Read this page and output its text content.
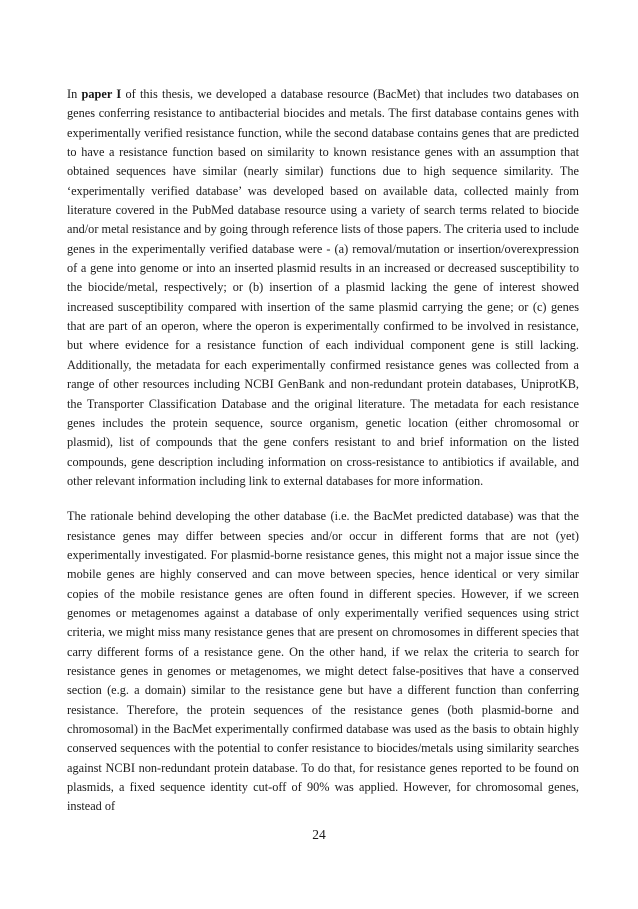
In paper I of this thesis, we developed a database resource (BacMet) that includes two databases on genes conferring resistance to antibacterial biocides and metals. The first database contains genes with experimentally verified resistance function, while the second database contains genes that are predicted to have a resistance function based on similarity to known resistance genes with an assumption that obtained sequences have similar (nearly similar) functions due to high sequence similarity. The ‘experimentally verified database’ was developed based on available data, collected mainly from literature covered in the PubMed database resource using a variety of search terms related to biocide and/or metal resistance and by going through reference lists of those papers. The criteria used to include genes in the experimentally verified database were - (a) removal/mutation or insertion/overexpression of a gene into genome or into an inserted plasmid results in an increased or decreased susceptibility to the biocide/metal, respectively; or (b) insertion of a plasmid lacking the gene of interest showed increased susceptibility compared with insertion of the same plasmid carrying the gene; or (c) genes that are part of an operon, where the operon is experimentally confirmed to be involved in resistance, but where evidence for a resistance function of each individual component gene is still lacking. Additionally, the metadata for each experimentally confirmed resistance genes was collected from a range of other resources including NCBI GenBank and non-redundant protein databases, UniprotKB, the Transporter Classification Database and the original literature. The metadata for each resistance genes includes the protein sequence, source organism, genetic location (either chromosomal or plasmid), list of compounds that the gene confers resistant to and brief information on the listed compounds, gene description including information on cross-resistance to antibiotics if available, and other relevant information including link to external databases for more information.

The rationale behind developing the other database (i.e. the BacMet predicted database) was that the resistance genes may differ between species and/or occur in different forms that are not (yet) experimentally investigated. For plasmid-borne resistance genes, this might not a major issue since the mobile genes are highly conserved and can move between species, hence identical or very similar copies of the mobile resistance genes are often found in different species. However, if we screen genomes or metagenomes against a database of only experimentally verified sequences using strict criteria, we might miss many resistance genes that are present on chromosomes in different species that carry different forms of a resistance gene. On the other hand, if we relax the criteria to search for resistance genes in genomes or metagenomes, we might detect false-positives that have a conserved section (e.g. a domain) similar to the resistance gene but have a different function than conferring resistance. Therefore, the protein sequences of the resistance genes (both plasmid-borne and chromosomal) in the BacMet experimentally confirmed database was used as the basis to obtain highly conserved sequences with the potential to confer resistance to biocides/metals using similarity searches against NCBI non-redundant protein database. To do that, for resistance genes reported to be found on plasmids, a fixed sequence identity cut-off of 90% was applied. However, for chromosomal genes, instead of

24
